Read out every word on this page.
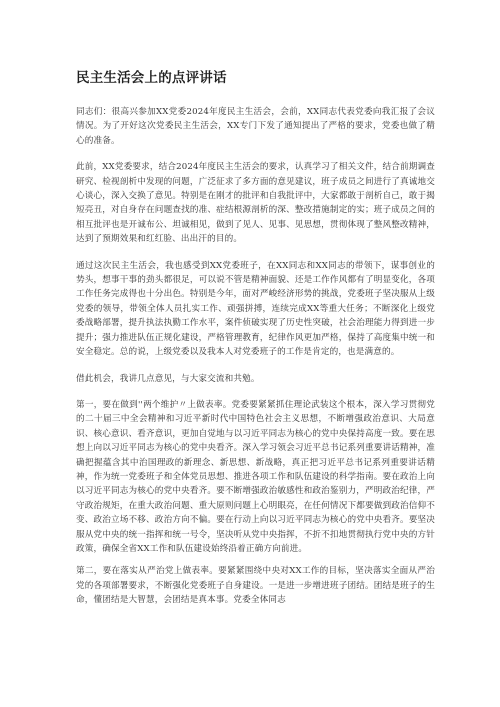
民主生活会上的点评讲话

同志们：很高兴参加XX党委2024年度民主生活会，会前，XX同志代表党委向我汇报了会议情况。为了开好这次党委民主生活会，XX专门下发了通知提出了严格的要求，党委也做了精心的准备。

此前，XX党委要求，结合2024年度民主生活会的要求，认真学习了相关文件，结合前期调查研究、检视剖析中发现的问题，广泛征求了多方面的意见建议，班子成员之间进行了真诚地交心谈心，深入交换了意见。特别是在刚才的批评和自我批评中，大家都敢于剖析自己，敢于揭短亮丑，对自身存在问题查找的准、症结根源剖析的深、整改措施制定的实；班子成员之间的相互批评也是开诚布公、坦诚相见，做到了见人、见事、见思想，贯彻体现了整风整改精神，达到了预期效果和红红脸、出出汗的目的。

通过这次民主生活会，我也感受到XX党委班子，在XX同志和XX同志的带领下，谋事创业的势头，想事干事的劲头都很足，可以说不管是精神面貌、还是工作作风都有了明显变化，各项工作任务完成得也十分出色。特别是今年，面对严峻经济形势的挑战，党委班子坚决服从上级党委的领导，带领全体人员扎实工作、顽强拼搏，连续完成XX等重大任务；不断深化上级党委战略部署，提升执法执勤工作水平，案件侦破实现了历史性突破，社会治理能力得到进一步提升；强力推进队伍正规化建设，严格管理教育，纪律作风更加严格，保持了高度集中统一和安全稳定。总的说，上级党委以及我本人对党委班子的工作是肯定的，也是满意的。

借此机会，我讲几点意见，与大家交流和共勉。

第一，要在做到''两个维护〃上做表率。党委要紧紧抓住理论武装这个根本，深入学习贯彻党的二十届三中全会精神和习近平新时代中国特色社会主义思想，不断增强政治意识、大局意识、核心意识、看齐意识，更加自觉地与以习近平同志为核心的党中央保持高度一致。要在思想上向以习近平同志为核心的党中央看齐。深入学习领会习近平总书记系列重要讲话精神，准确把握蕴含其中治国理政的新理念、新思想、新战略，真正把习近平总书记系列重要讲话精神，作为统一党委班子和全体党员思想、推进各项工作和队伍建设的科学指南。要在政治上向以习近平同志为核心的党中央看齐。要不断增强政治敏感性和政治鉴别力，严明政治纪律，严守政治规矩，在重大政治问题、重大原则问题上心明眼亮，在任何情况下都要做到政治信仰不变、政治立场不移、政治方向不偏。要在行动上向以习近平同志为核心的党中央看齐。要坚决服从党中央的统一指挥和统一号令，坚决听从党中央指挥，不折不扣地贯彻执行党中央的方针政策，确保全省XX工作和队伍建设始终沿着正确方向前进。

第二，要在落实从严治党上做表率。要紧紧围绕中央对XX工作的目标，坚决落实全面从严治党的各项部署要求，不断强化党委班子自身建设。一是进一步增进班子团结。团结是班子的生命，懂团结是大智慧，会团结是真本事。党委全体同志
